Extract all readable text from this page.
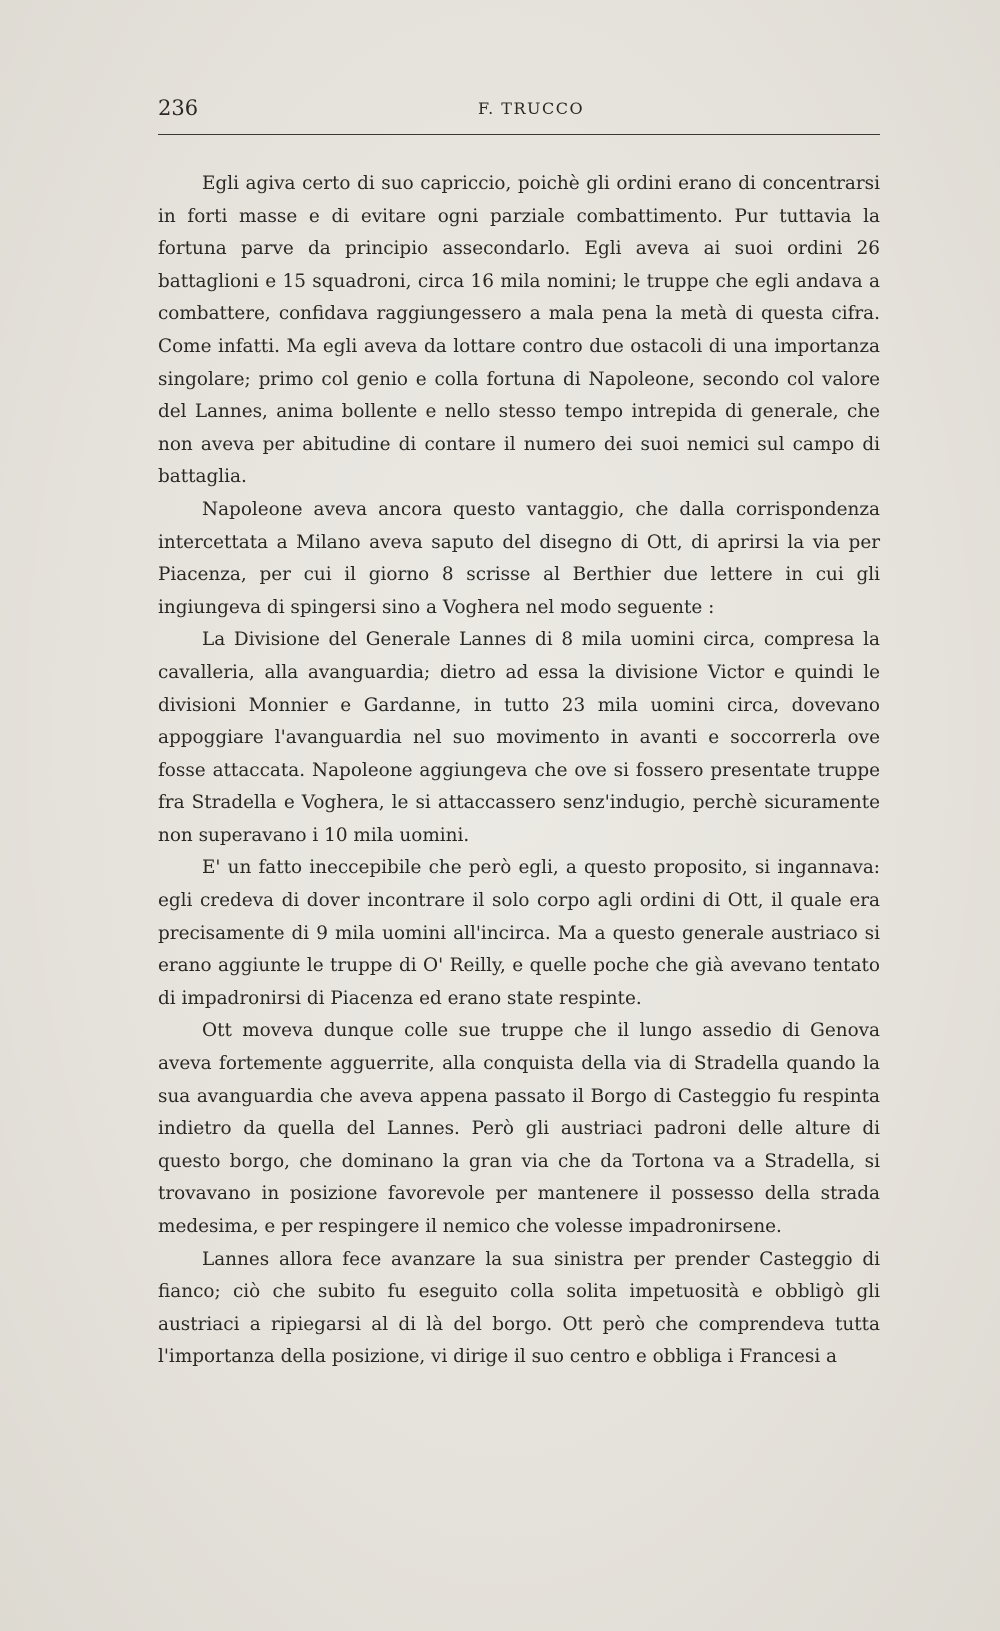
236	F. TRUCCO

Egli agiva certo di suo capriccio, poichè gli ordini erano di concentrarsi in forti masse e di evitare ogni parziale combattimento. Pur tuttavia la fortuna parve da principio assecondarlo. Egli aveva ai suoi ordini 26 battaglioni e 15 squadroni, circa 16 mila nomini; le truppe che egli andava a combattere, confidava raggiungessero a mala pena la metà di questa cifra. Come infatti. Ma egli aveva da lottare contro due ostacoli di una importanza singolare; primo col genio e colla fortuna di Napoleone, secondo col valore del Lannes, anima bollente e nello stesso tempo intrepida di generale, che non aveva per abitudine di contare il numero dei suoi nemici sul campo di battaglia.

Napoleone aveva ancora questo vantaggio, che dalla corrispondenza intercettata a Milano aveva saputo del disegno di Ott, di aprirsi la via per Piacenza, per cui il giorno 8 scrisse al Berthier due lettere in cui gli ingiungeva di spingersi sino a Voghera nel modo seguente :

La Divisione del Generale Lannes di 8 mila uomini circa, compresa la cavalleria, alla avanguardia; dietro ad essa la divisione Victor e quindi le divisioni Monnier e Gardanne, in tutto 23 mila uomini circa, dovevano appoggiare l'avanguardia nel suo movimento in avanti e soccorrerla ove fosse attaccata. Napoleone aggiungeva che ove si fossero presentate truppe fra Stradella e Voghera, le si attaccassero senz'indugio, perchè sicuramente non superavano i 10 mila uomini.

E' un fatto ineccepibile che però egli, a questo proposito, si ingannava: egli credeva di dover incontrare il solo corpo agli ordini di Ott, il quale era precisamente di 9 mila uomini all'incirca. Ma a questo generale austriaco si erano aggiunte le truppe di O' Reilly, e quelle poche che già avevano tentato di impadronirsi di Piacenza ed erano state respinte.

Ott moveva dunque colle sue truppe che il lungo assedio di Genova aveva fortemente agguerrite, alla conquista della via di Stradella quando la sua avanguardia che aveva appena passato il Borgo di Casteggio fu respinta indietro da quella del Lannes. Però gli austriaci padroni delle alture di questo borgo, che dominano la gran via che da Tortona va a Stradella, si trovavano in posizione favorevole per mantenere il possesso della strada medesima, e per respingere il nemico che volesse impadronirsene.

Lannes allora fece avanzare la sua sinistra per prender Casteggio di fianco; ciò che subito fu eseguito colla solita impetuosità e obbligò gli austriaci a ripiegarsi al di là del borgo. Ott però che comprendeva tutta l'importanza della posizione, vi dirige il suo centro e obbliga i Francesi a
